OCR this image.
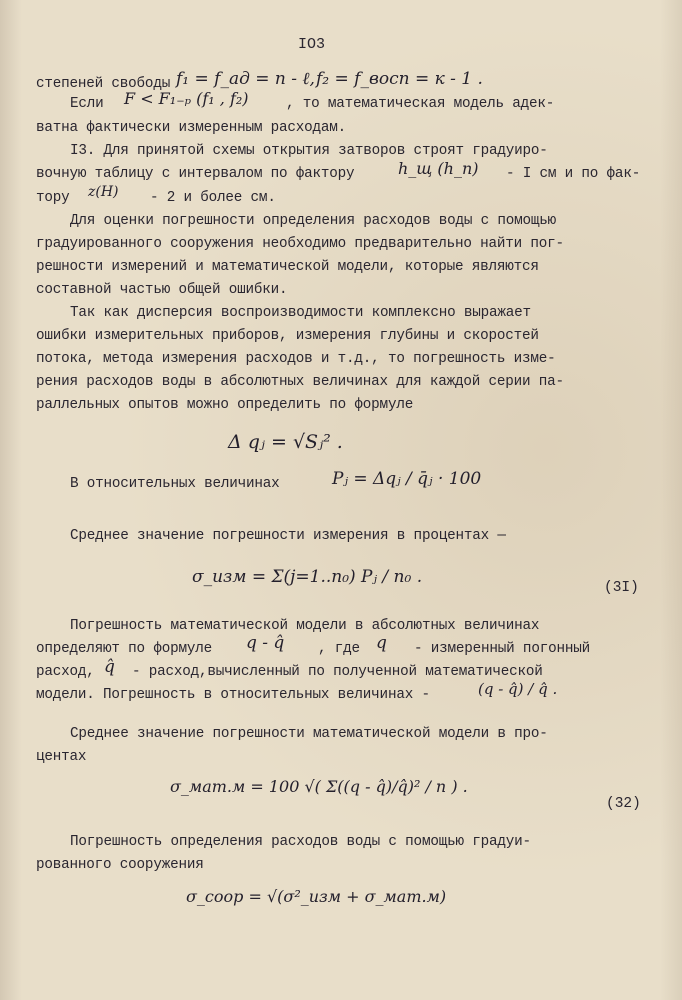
IO3
степеней свободы f₁ = f_ад = n - ℓ, f₂ = f_восп = к - 1 .
Если F < F₁₋ₚ (f₁ , f₂)	, то математическая модель адек-
ватна фактически измеренным расходам.
I3. Для принятой схемы открытия затворов строят градуиро-
вочную таблицу с интервалом по фактору	h_щ (h_n) - I см и по фак-
тору z(H) - 2 и более см.
Для оценки погрешности определения расходов воды с помощью
градуированного сооружения необходимо предварительно найти пог-
решности измерений и математической модели, которые являются
составной частью общей ошибки.
Так как дисперсия воспроизводимости комплексно выражает
ошибки измерительных приборов, измерения глубины и скоростей
потока, метода измерения расходов и т.д., то погрешность изме-
рения расходов воды в абсолютных величинах для каждой серии па-
раллельных опытов можно определить по формуле
Δ qⱼ = √Sⱼ² .
В относительных величинах	Pⱼ = Δqⱼ / q̄ⱼ · 100
Среднее значение погрешности измерения в процентах —
σ_изм = Σ(j=1..n₀) Pⱼ / n₀ .
(3I)
Погрешность математической модели в абсолютных величинах
определяют по формуле q - q̂ , где q - измеренный погонный
расход, q̂ - расход,вычисленный по полученной математической
модели. Погрешность в относительных величинах -	(q - q̂) / q̂ .
Среднее значение погрешности математической модели в про-
центах
σ_мат.м = 100 √( Σ((q - q̂)/q̂)² / n ) .
(32)
Погрешность определения расходов воды с помощью градуи-
рованного сооружения
σ_соор = √(σ²_изм + σ_мат.м)
